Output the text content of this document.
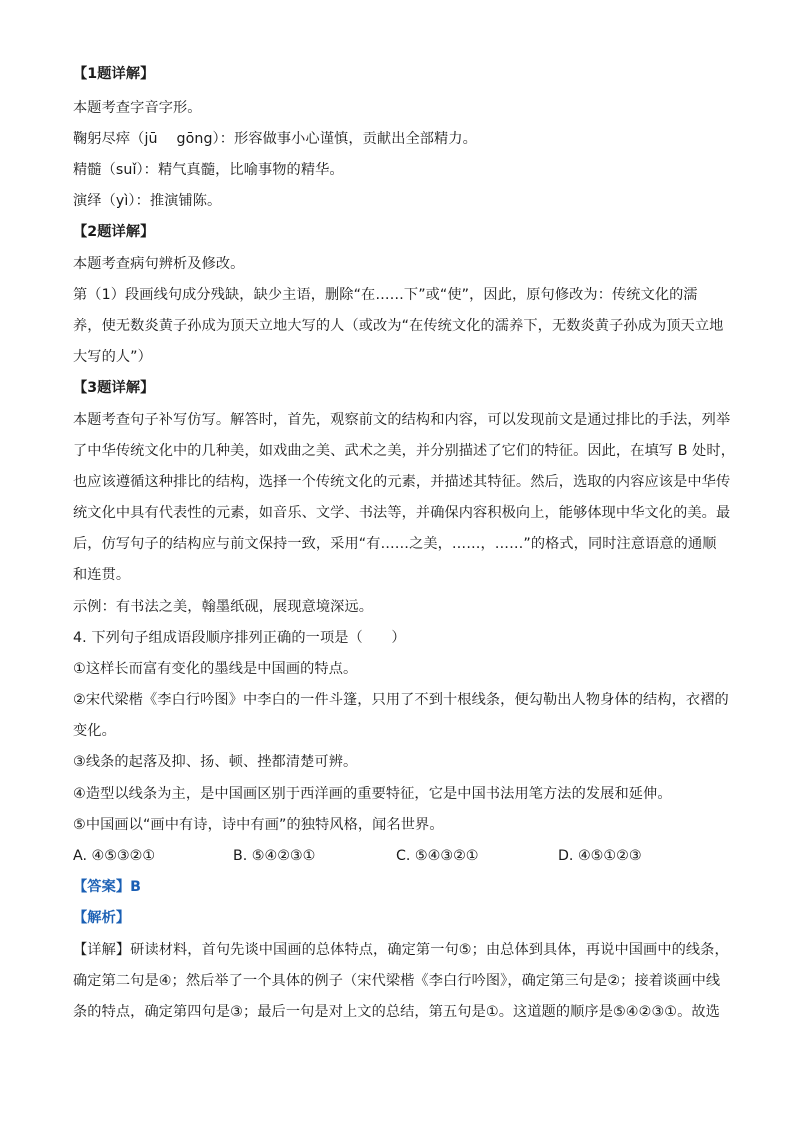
【1题详解】
本题考查字音字形。
鞠躬尽瘁（jū　 gōng）：形容做事小心谨慎，贡献出全部精力。
精髓（suǐ）：精气真髓，比喻事物的精华。
演绎（yì）：推演铺陈。
【2题详解】
本题考查病句辨析及修改。
第（1）段画线句成分残缺，缺少主语，删除“在……下”或“使”，因此，原句修改为：传统文化的濡
养，使无数炎黄子孙成为顶天立地大写的人（或改为“在传统文化的濡养下，无数炎黄子孙成为顶天立地
大写的人”）
【3题详解】
本题考查句子补写仿写。解答时，首先，观察前文的结构和内容，可以发现前文是通过排比的手法，列举
了中华传统文化中的几种美，如戏曲之美、武术之美，并分别描述了它们的特征。因此，在填写 B 处时，
也应该遵循这种排比的结构，选择一个传统文化的元素，并描述其特征。然后，选取的内容应该是中华传
统文化中具有代表性的元素，如音乐、文学、书法等，并确保内容积极向上，能够体现中华文化的美。最
后，仿写句子的结构应与前文保持一致，采用“有……之美，……，……”的格式，同时注意语意的通顺
和连贯。
示例：有书法之美，翰墨纸砚，展现意境深远。
4. 下列句子组成语段顺序排列正确的一项是（　　）
①这样长而富有变化的墨线是中国画的特点。
②宋代梁楷《李白行吟图》中李白的一件斗篷，只用了不到十根线条，便勾勒出人物身体的结构，衣褶的
变化。
③线条的起落及抑、扬、顿、挫都清楚可辨。
④造型以线条为主，是中国画区别于西洋画的重要特征，它是中国书法用笔方法的发展和延伸。
⑤中国画以“画中有诗，诗中有画”的独特风格，闻名世界。
A. ④⑤③②①	B. ⑤④②③①	C. ⑤④③②①	D. ④⑤①②③
【答案】B
【解析】
【详解】研读材料，首句先谈中国画的总体特点，确定第一句⑤；由总体到具体，再说中国画中的线条，
确定第二句是④；然后举了一个具体的例子（宋代梁楷《李白行吟图》，确定第三句是②；接着谈画中线
条的特点，确定第四句是③；最后一句是对上文的总结，第五句是①。这道题的顺序是⑤④②③①。故选
